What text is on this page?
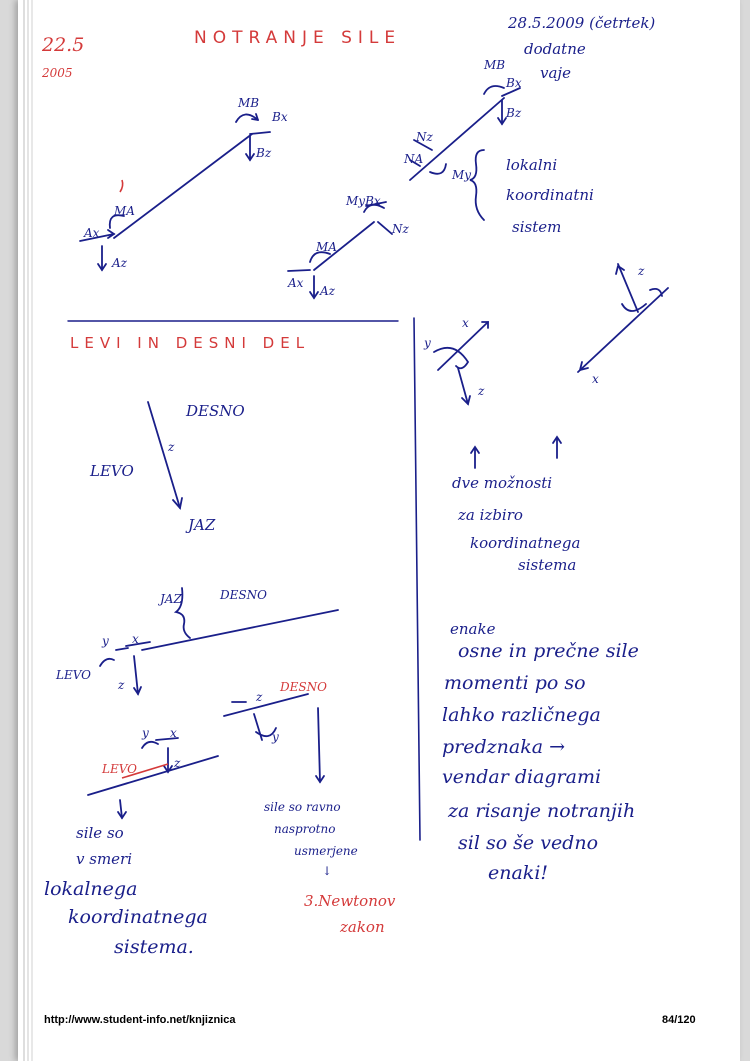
22.5
2005
NOTRANJE SILE
28.5.2009 (četrtek)
dodatne
vaje
MB
Bx
Bz
Ax
MA
Az
MA
Ax
Az
MyBx
Nz
MB
Bx
Bz
Nz
NA
My
lokalni
koordinatni
sistem
LEVI IN DESNI DEL
LEVO
DESNO
z
JAZ
y
x
z
z
x
dve možnosti
za izbiro
koordinatnega
sistema
JAZ	DESNO
LEVO
y x
z
y x
z
LEVO
DESNO
z
y
sile so
v smeri
lokalnega
koordinatnega
sistema.
sile so ravno
nasprotno
usmerjene
↓
3.Newtonov
zakon
enake
osne in prečne sile
momenti po so
lahko različnega
predznaka →
vendar diagrami
za risanje notranjih
sil so še vedno
enaki!
http://www.student-info.net/knjiznica	84/120
